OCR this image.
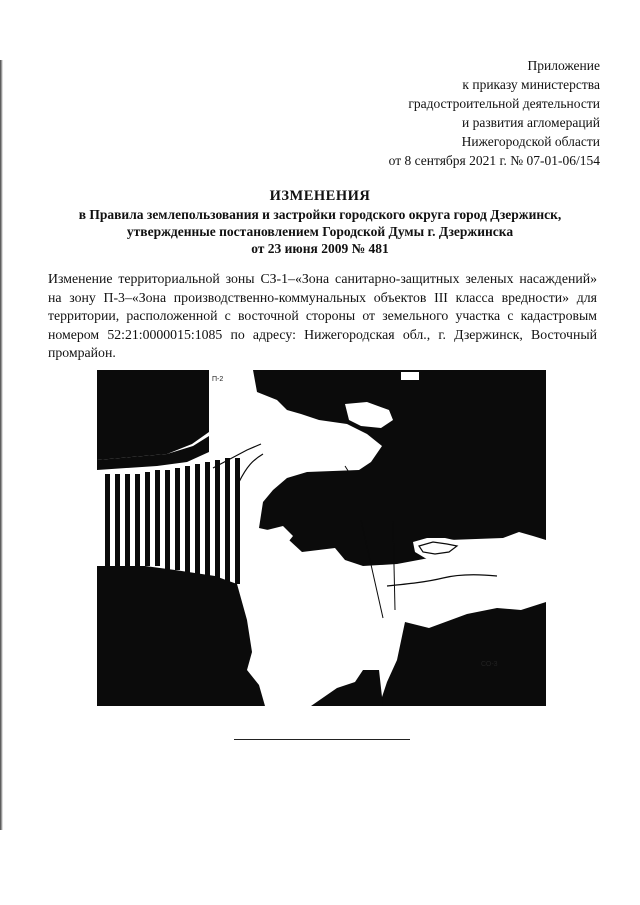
Приложение
к приказу министерства
градостроительной деятельности
и развития агломераций
Нижегородской области
от 8 сентября 2021 г. № 07-01-06/154
ИЗМЕНЕНИЯ
в Правила землепользования и застройки городского округа город Дзержинск,
утвержденные постановлением Городской Думы г. Дзержинска
от 23 июня 2009 № 481
Изменение территориальной зоны СЗ-1–«Зона санитарно-защитных зеленых насаждений» на зону П-3–«Зона производственно-коммунальных объектов III класса вредности» для территории, расположенной с восточной стороны от земельного участка с кадастровым номером 52:21:0000015:1085 по адресу: Нижегородская обл., г. Дзержинск, Восточный промрайон.
П-2
СО-3
